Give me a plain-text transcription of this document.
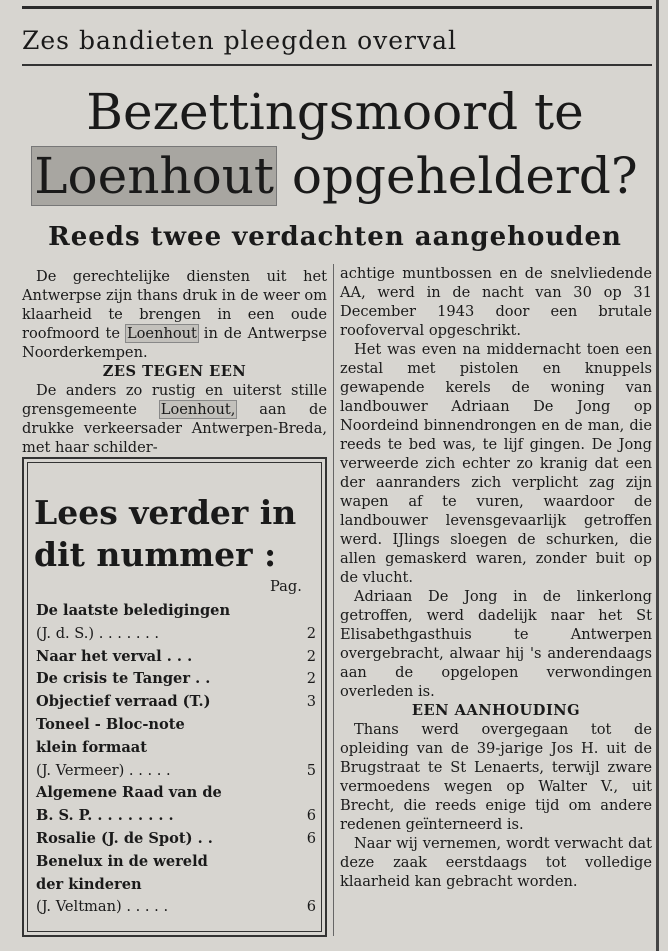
Zes bandieten pleegden overval
Bezettingsmoord te
Loenhout opgehelderd?
Reeds twee verdachten aangehouden

De gerechtelijke diensten uit het Antwerpse zijn thans druk in de weer om klaarheid te brengen in een oude roofmoord te Loenhout in de Antwerpse Noorderkempen.

ZES TEGEN EEN

De anders zo rustig en uiterst stille grensgemeente Loenhout, aan de drukke verkeersader Antwerpen-Breda, met haar schilder-

achtige muntbossen en de snelvliedende AA, werd in de nacht van 30 op 31 December 1943 door een brutale roofoverval opgeschrikt.

Het was even na middernacht toen een zestal met pistolen en knuppels gewapende kerels de woning van landbouwer Adriaan De Jong op Noordeind binnendrongen en de man, die reeds te bed was, te lijf gingen. De Jong verweerde zich echter zo kranig dat een der aanranders zich verplicht zag zijn wapen af te vuren, waardoor de landbouwer levensgevaarlijk getroffen werd. IJlings sloegen de schurken, die allen gemaskerd waren, zonder buit op de vlucht.

Adriaan De Jong in de linkerlong getroffen, werd dadelijk naar het St Elisabethgasthuis te Antwerpen overgebracht, alwaar hij 's anderendaags aan de opgelopen verwondingen overleden is.

EEN AANHOUDING

Thans werd overgegaan tot de opleiding van de 39-jarige Jos H. uit de Brugstraat te St Lenaerts, terwijl zware vermoedens wegen op Walter V., uit Brecht, die reeds enige tijd om andere redenen geïnterneerd is.

Naar wij vernemen, wordt verwacht dat deze zaak eerstdaags tot volledige klaarheid kan gebracht worden.

Lees verder in dit nummer :
Pag.
De laatste beledigingen
(J. d. S.) . . . . . . .	2
Naar het verval . . .	2
De crisis te Tanger . .	2
Objectief verraad (T.)	3
Toneel - Bloc-note
klein formaat
(J. Vermeer) . . . . .	5
Algemene Raad van de
B. S. P. . . . . . . . .	6
Rosalie (J. de Spot) . .	6
Benelux in de wereld
der kinderen
(J. Veltman) . . . . .	6
